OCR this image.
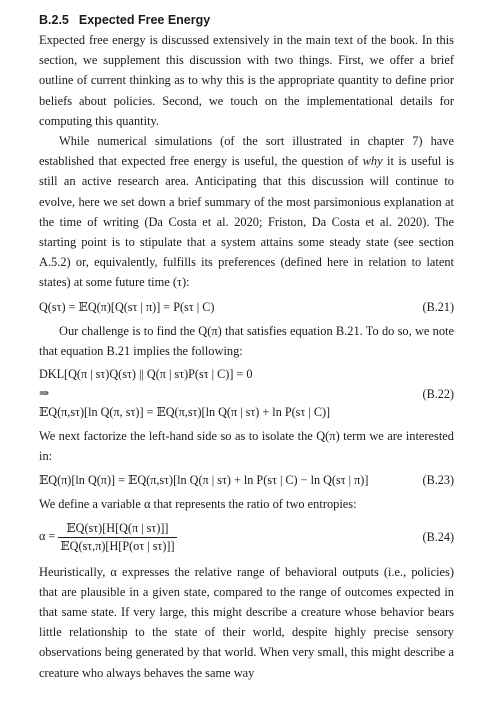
B.2.5 Expected Free Energy

Expected free energy is discussed extensively in the main text of the book. In this section, we supplement this discussion with two things. First, we offer a brief outline of current thinking as to why this is the appropriate quantity to define prior beliefs about policies. Second, we touch on the implementational details for computing this quantity.

While numerical simulations (of the sort illustrated in chapter 7) have established that expected free energy is useful, the question of why it is useful is still an active research area. Anticipating that this discussion will continue to evolve, here we set down a brief summary of the most parsimonious explanation at the time of writing (Da Costa et al. 2020; Friston, Da Costa et al. 2020). The starting point is to stipulate that a system attains some steady state (see section A.5.2) or, equivalently, fulfills its preferences (defined here in relation to latent states) at some future time (τ):

Q(sτ) = 𝔼Q(π)[Q(sτ | π)] = P(sτ | C)	(B.21)

Our challenge is to find the Q(π) that satisfies equation B.21. To do so, we note that equation B.21 implies the following:

DKL[Q(π | sτ)Q(sτ) || Q(π | sτ)P(sτ | C)] = 0
⇒
𝔼Q(π,sτ)[ln Q(π, sτ)] = 𝔼Q(π,sτ)[ln Q(π | sτ) + ln P(sτ | C)]
(B.22)

We next factorize the left-hand side so as to isolate the Q(π) term we are interested in:

𝔼Q(π)[ln Q(π)] = 𝔼Q(π,sτ)[ln Q(π | sτ) + ln P(sτ | C) − ln Q(sτ | π)]	(B.23)

We define a variable α that represents the ratio of two entropies:

$\alpha = \frac{\text{𝔼Q(sτ)[H[Q(π | sτ)]]}}{\text{𝔼Q(sτ,π)[H[P(oτ | sτ)]]}}$	(B.24)

Heuristically, α expresses the relative range of behavioral outputs (i.e., policies) that are plausible in a given state, compared to the range of outcomes expected in that same state. If very large, this might describe a creature whose behavior bears little relationship to the state of their world, despite highly precise sensory observations being generated by that world. When very small, this might describe a creature who always behaves the same way
